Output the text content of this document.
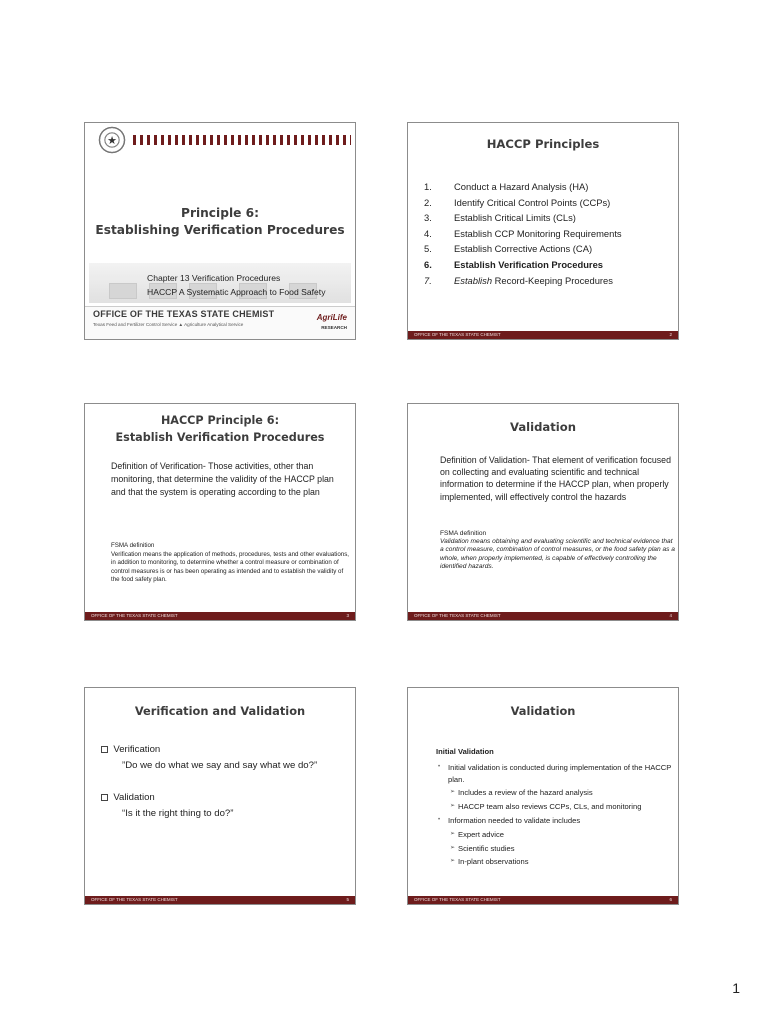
★
Principle 6:
Establishing Verification Procedures
Chapter 13 Verification Procedures
HACCP A Systematic Approach to Food Safety
OFFICE OF THE TEXAS STATE CHEMIST
Texas Feed and Fertilizer Control Service ▲ Agriculture Analytical Service
AgriLife
RESEARCH
HACCP Principles
1.	Conduct a Hazard Analysis (HA)
2.	Identify Critical Control Points (CCPs)
3.	Establish Critical Limits (CLs)
4.	Establish CCP Monitoring Requirements
5.	Establish Corrective Actions (CA)
6.	Establish Verification Procedures
7.	Establish Record-Keeping Procedures
OFFICE OF THE TEXAS STATE CHEMIST	2
HACCP Principle 6:
Establish Verification Procedures
Definition of Verification- Those activities, other than monitoring, that determine the validity of the HACCP plan and that the system is operating according to the plan
FSMA definition
Verification means the application of methods, procedures, tests and other evaluations, in addition to monitoring, to determine whether a control measure or combination of control measures is or has been operating as intended and to establish the validity of the food safety plan.
OFFICE OF THE TEXAS STATE CHEMIST	3
Validation
Definition of Validation- That element of verification focused on collecting and evaluating scientific and technical information to determine if the HACCP plan, when properly implemented, will effectively control the hazards
FSMA definition
Validation means obtaining and evaluating scientific and technical evidence that a control measure, combination of control measures, or the food safety plan as a whole, when properly implemented, is capable of effectively controlling the identified hazards.
OFFICE OF THE TEXAS STATE CHEMIST	4
Verification and Validation
Verification
”Do we do what we say and say what we do?”
Validation
“Is it the right thing to do?”
OFFICE OF THE TEXAS STATE CHEMIST	5
Validation
Initial Validation
• Initial validation is conducted during implementation of the HACCP plan.
➢ Includes a review of the hazard analysis
➢ HACCP team also reviews CCPs, CLs, and monitoring
• Information needed to validate includes
➢ Expert advice
➢ Scientific studies
➢ In-plant observations
OFFICE OF THE TEXAS STATE CHEMIST	6
1
